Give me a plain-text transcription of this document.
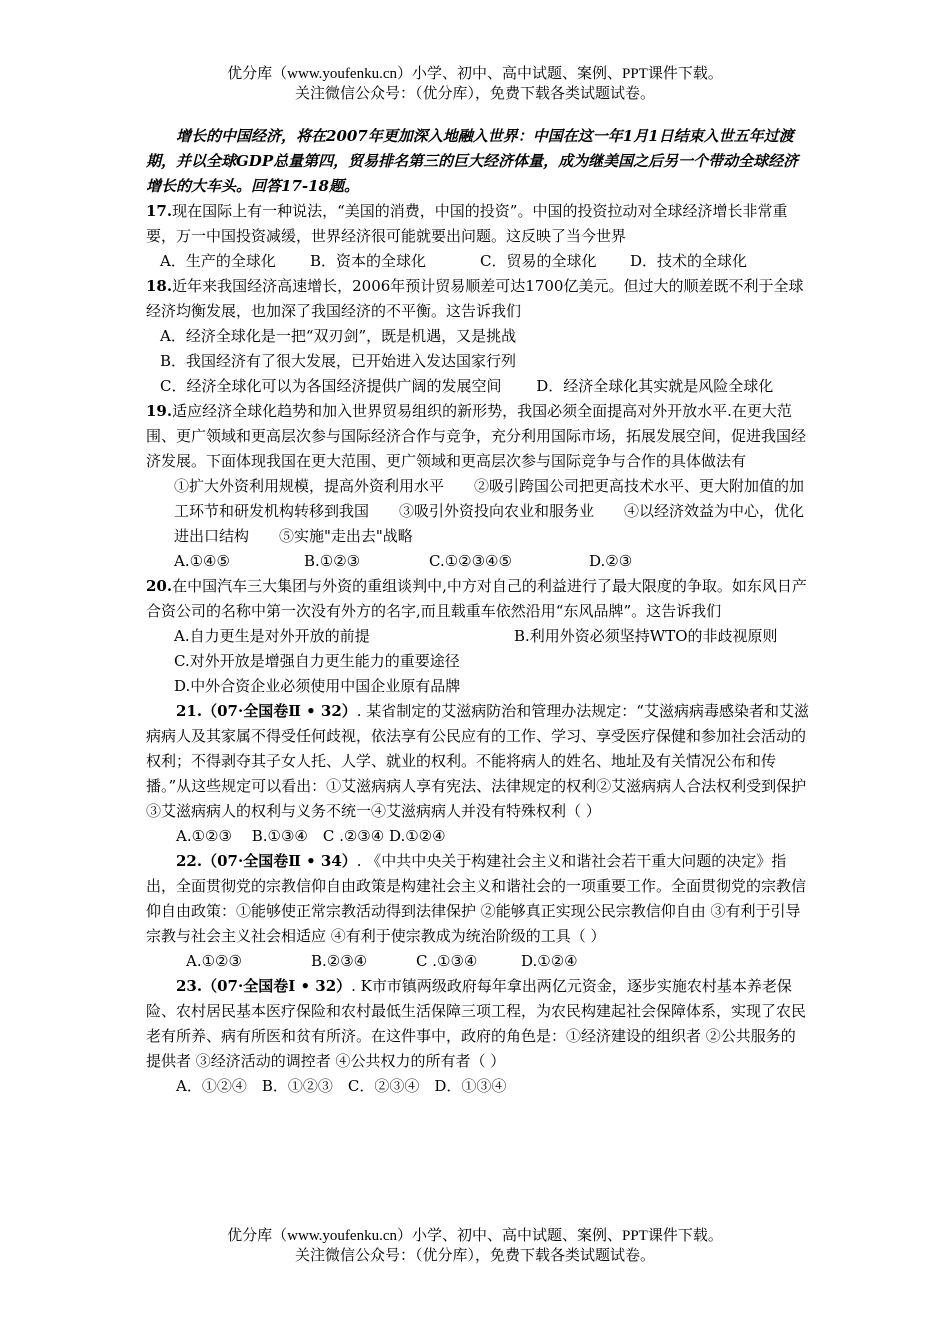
优分库（www.youfenku.cn）小学、初中、高中试题、案例、PPT课件下载。
关注微信公众号：（优分库），免费下载各类试题试卷。

增长的中国经济，将在2007年更加深入地融入世界：中国在这一年1月1日结束入世五年过渡期，并以全球GDP总量第四，贸易排名第三的巨大经济体量，成为继美国之后另一个带动全球经济增长的大车头。回答17-18题。

17.现在国际上有一种说法，“美国的消费，中国的投资”。中国的投资拉动对全球经济增长非常重要，万一中国投资减缓，世界经济很可能就要出问题。这反映了当今世界

A．生产的全球化 B．资本的全球化	C．贸易的全球化 D．技术的全球化

18.近年来我国经济高速增长，2006年预计贸易顺差可达1700亿美元。但过大的顺差既不利于全球经济均衡发展，也加深了我国经济的不平衡。这告诉我们

A．经济全球化是一把“双刃剑”，既是机遇，又是挑战

B．我国经济有了很大发展，已开始进入发达国家行列

C．经济全球化可以为各国经济提供广阔的发展空间　　 D．经济全球化其实就是风险全球化

19.适应经济全球化趋势和加入世界贸易组织的新形势，我国必须全面提高对外开放水平.在更大范围、更广领域和更高层次参与国际经济合作与竞争，充分利用国际市场，拓展发展空间，促进我国经济发展。下面体现我国在更大范围、更广领域和更高层次参与国际竞争与合作的具体做法有

①扩大外资利用规模，提高外资利用水平　　②吸引跨国公司把更高技术水平、更大附加值的加工环节和研发机构转移到我国　　③吸引外资投向农业和服务业　　④以经济效益为中心，优化进出口结构　　⑤实施"走出去"战略

A.①④⑤	B.①②③	C.①②③④⑤	D.②③

20.在中国汽车三大集团与外资的重组谈判中,中方对自己的利益进行了最大限度的争取。如东风日产合资公司的名称中第一次没有外方的名字,而且载重车依然沿用“东风品牌”。这告诉我们

A.自力更生是对外开放的前提	B.利用外资必须坚持WTO的非歧视原则

C.对外开放是增强自力更生能力的重要途径

D.中外合资企业必须使用中国企业原有品牌

21.（07·全国卷Ⅱ • 32）. 某省制定的艾滋病防治和管理办法规定：“艾滋病病毒感染者和艾滋病病人及其家属不得受任何歧视，依法享有公民应有的工作、学习、享受医疗保健和参加社会活动的权利；不得剥夺其子女人托、人学、就业的权利。不能将病人的姓名、地址及有关情况公布和传播。”从这些规定可以看出：①艾滋病病人享有宪法、法律规定的权利②艾滋病病人合法权利受到保护③艾滋病病人的权利与义务不统一④艾滋病病人并没有特殊权利（ ）

A.①②③　 B.①③④　C .②③④ D.①②④

22.（07·全国卷Ⅱ • 34）. 《中共中央关于构建社会主义和谐社会若干重大问题的决定》指出，全面贯彻党的宗教信仰自由政策是构建社会主义和谐社会的一项重要工作。全面贯彻党的宗教信仰自由政策：①能够使正常宗教活动得到法律保护 ②能够真正实现公民宗教信仰自由 ③有利于引导宗教与社会主义社会相适应 ④有利于使宗教成为统治阶级的工具（ ）

A.①②③	B.②③④	C .①③④	D.①②④

23.（07·全国卷Ⅰ • 32）. K市市镇两级政府每年拿出两亿元资金，逐步实施农村基本养老保险、农村居民基本医疗保险和农村最低生活保障三项工程，为农民构建起社会保障体系，实现了农民老有所养、病有所医和贫有所济。在这件事中，政府的角色是：①经济建设的组织者 ②公共服务的提供者 ③经济活动的调控者 ④公共权力的所有者（ ）

A．①②④　B．①②③　C．②③④　D．①③④

优分库（www.youfenku.cn）小学、初中、高中试题、案例、PPT课件下载。
关注微信公众号：（优分库），免费下载各类试题试卷。
